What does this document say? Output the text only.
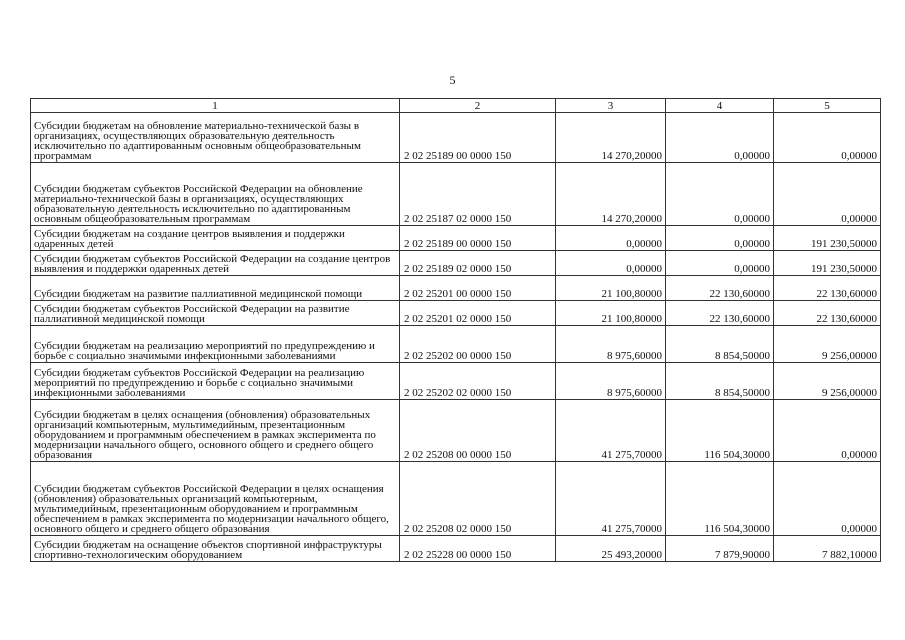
5
1	2	3	4	5
Субсидии бюджетам на обновление материально-технической базы в организациях, осуществляющих образовательную деятельность исключительно по адаптированным основным общеобразовательным программам	2 02 25189 00 0000 150	14 270,20000	0,00000	0,00000
Субсидии бюджетам субъектов Российской Федерации на обновление материально-технической базы в организациях, осуществляющих образовательную деятельность исключительно по адаптированным основным общеобразовательным программам	2 02 25187 02 0000 150	14 270,20000	0,00000	0,00000
Субсидии бюджетам на создание центров выявления и поддержки одаренных детей	2 02 25189 00 0000 150	0,00000	0,00000	191 230,50000
Субсидии бюджетам субъектов Российской Федерации на создание центров выявления и поддержки одаренных детей	2 02 25189 02 0000 150	0,00000	0,00000	191 230,50000
Субсидии бюджетам на развитие паллиативной медицинской помощи	2 02 25201 00 0000 150	21 100,80000	22 130,60000	22 130,60000
Субсидии бюджетам субъектов Российской Федерации на развитие паллиативной медицинской помощи	2 02 25201 02 0000 150	21 100,80000	22 130,60000	22 130,60000
Субсидии бюджетам на реализацию мероприятий по предупреждению и борьбе с социально значимыми инфекционными заболеваниями	2 02 25202 00 0000 150	8 975,60000	8 854,50000	9 256,00000
Субсидии бюджетам субъектов Российской Федерации на реализацию мероприятий по предупреждению и борьбе с социально значимыми инфекционными заболеваниями	2 02 25202 02 0000 150	8 975,60000	8 854,50000	9 256,00000
Субсидии бюджетам в целях оснащения (обновления) образовательных организаций компьютерным, мультимедийным, презентационным оборудованием и программным обеспечением в рамках эксперимента по модернизации начального общего, основного общего и среднего общего образования	2 02 25208 00 0000 150	41 275,70000	116 504,30000	0,00000
Субсидии бюджетам субъектов Российской Федерации в целях оснащения (обновления) образовательных организаций компьютерным, мультимедийным, презентационным оборудованием и программным обеспечением в рамках эксперимента по модернизации начального общего, основного общего и среднего общего образования	2 02 25208 02 0000 150	41 275,70000	116 504,30000	0,00000
Субсидии бюджетам на оснащение объектов спортивной инфраструктуры спортивно-технологическим оборудованием	2 02 25228 00 0000 150	25 493,20000	7 879,90000	7 882,10000
